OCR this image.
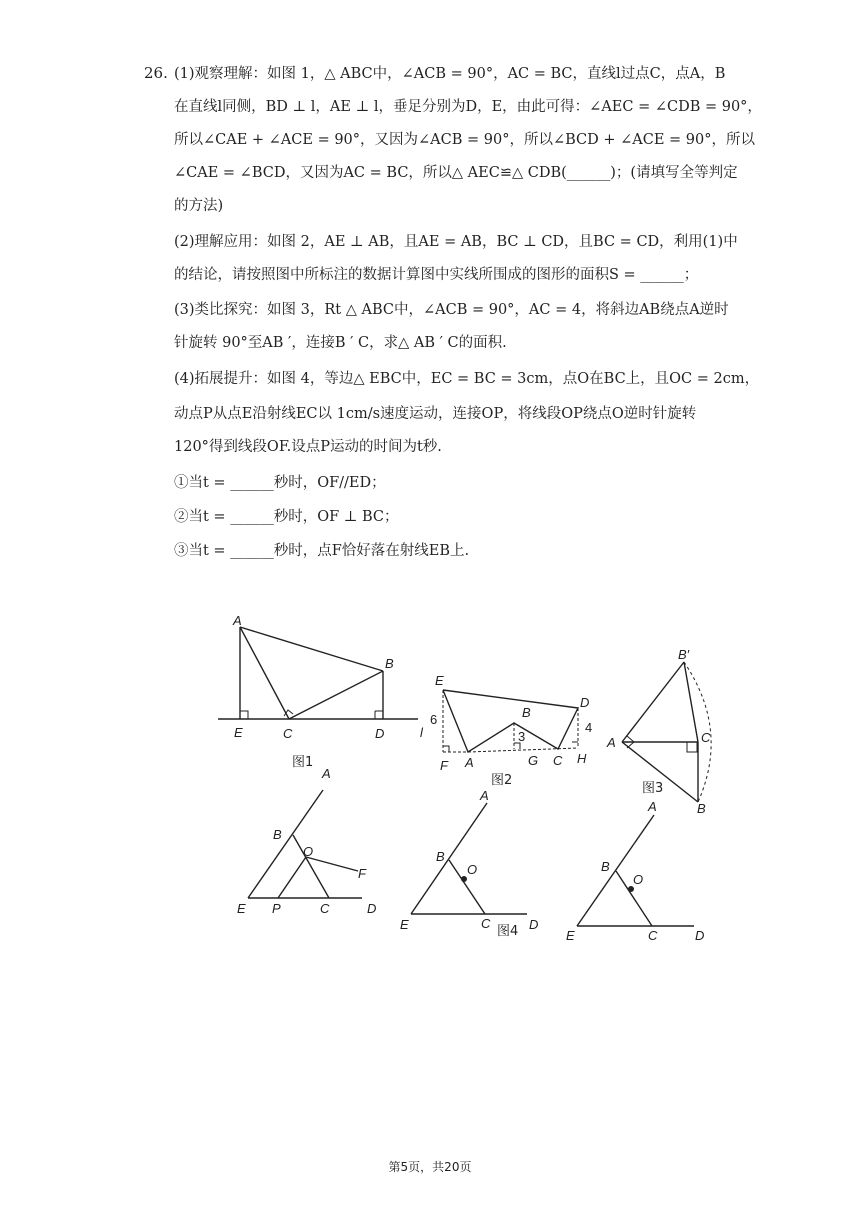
26. (1)观察理解：如图 1，△ ABC中，∠ACB = 90°，AC = BC，直线l过点C，点A，B
在直线l同侧，BD ⊥ l，AE ⊥ l，垂足分别为D，E，由此可得：∠AEC = ∠CDB = 90°，
所以∠CAE + ∠ACE = 90°，又因为∠ACB = 90°，所以∠BCD + ∠ACE = 90°，所以
∠CAE = ∠BCD，又因为AC = BC，所以△ AEC≌△ CDB(______)；(请填写全等判定
的方法)
(2)理解应用：如图 2，AE ⊥ AB，且AE = AB，BC ⊥ CD，且BC = CD，利用(1)中
的结论，请按照图中所标注的数据计算图中实线所围成的图形的面积S = ______；
(3)类比探究：如图 3，Rt △ ABC中，∠ACB = 90°，AC = 4，将斜边AB绕点A逆时
针旋转 90°至AB ′，连接B ′ C，求△ AB ′ C的面积.
(4)拓展提升：如图 4，等边△ EBC中，EC = BC = 3cm，点O在BC上，且OC = 2cm，
动点P从点E沿射线EC以 1cm/s速度运动，连接OP，将线段OP绕点O逆时针旋转
120°得到线段OF.设点P运动的时间为t秒.
①当t = ______秒时，OF//ED；
②当t = ______秒时，OF ⊥ BC；
③当t = ______秒时，点F恰好落在射线EB上.
A
B
E	C	D	l
图1
E
D
B
6
4
3
F A	G C H
图2
B′
A	C
B
图3
A
B
O
F
E P	C	D
A
B
O
E	C	D
图4
A
B
O
E	C	D
第5页，共20页
